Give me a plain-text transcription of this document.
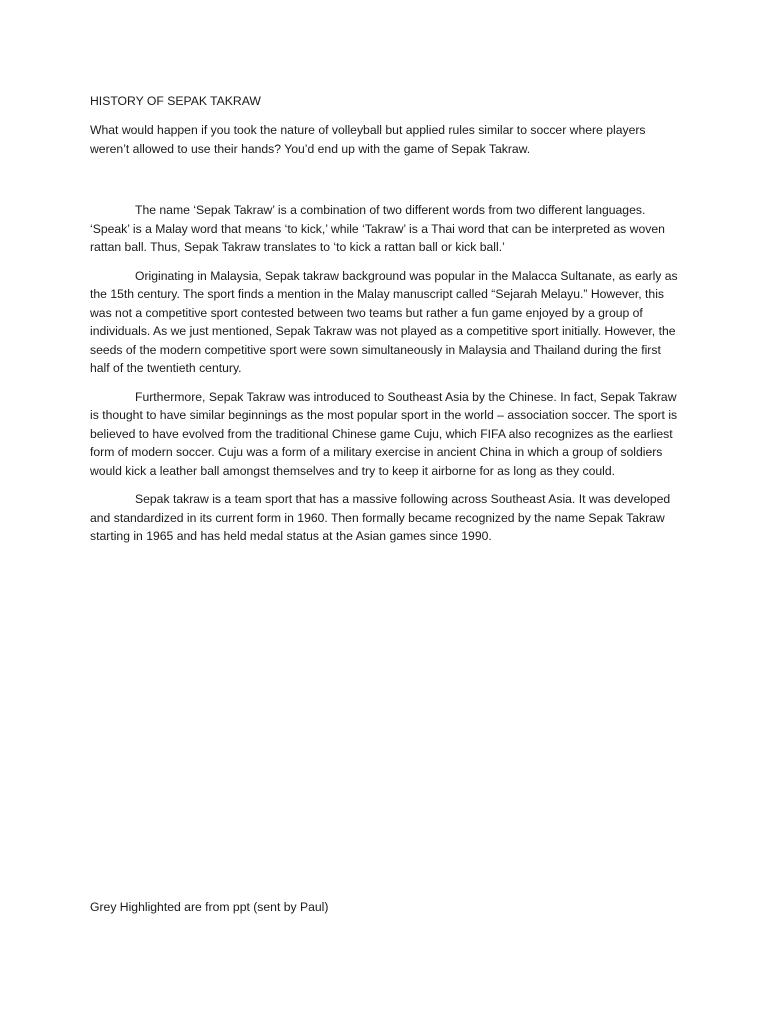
HISTORY OF SEPAK TAKRAW

What would happen if you took the nature of volleyball but applied rules similar to soccer where players weren’t allowed to use their hands? You’d end up with the game of Sepak Takraw.

The name ‘Sepak Takraw’ is a combination of two different words from two different languages. ‘Speak’ is a Malay word that means ‘to kick,’ while ‘Takraw’ is a Thai word that can be interpreted as woven rattan ball. Thus, Sepak Takraw translates to ‘to kick a rattan ball or kick ball.’

Originating in Malaysia, Sepak takraw background was popular in the Malacca Sultanate, as early as the 15th century. The sport finds a mention in the Malay manuscript called “Sejarah Melayu.” However, this was not a competitive sport contested between two teams but rather a fun game enjoyed by a group of individuals. As we just mentioned, Sepak Takraw was not played as a competitive sport initially. However, the seeds of the modern competitive sport were sown simultaneously in Malaysia and Thailand during the first half of the twentieth century.

Furthermore, Sepak Takraw was introduced to Southeast Asia by the Chinese. In fact, Sepak Takraw is thought to have similar beginnings as the most popular sport in the world – association soccer. The sport is believed to have evolved from the traditional Chinese game Cuju, which FIFA also recognizes as the earliest form of modern soccer. Cuju was a form of a military exercise in ancient China in which a group of soldiers would kick a leather ball amongst themselves and try to keep it airborne for as long as they could.

Sepak takraw is a team sport that has a massive following across Southeast Asia. It was developed and standardized in its current form in 1960. Then formally became recognized by the name Sepak Takraw starting in 1965 and has held medal status at the Asian games since 1990.

Grey Highlighted are from ppt (sent by Paul)
